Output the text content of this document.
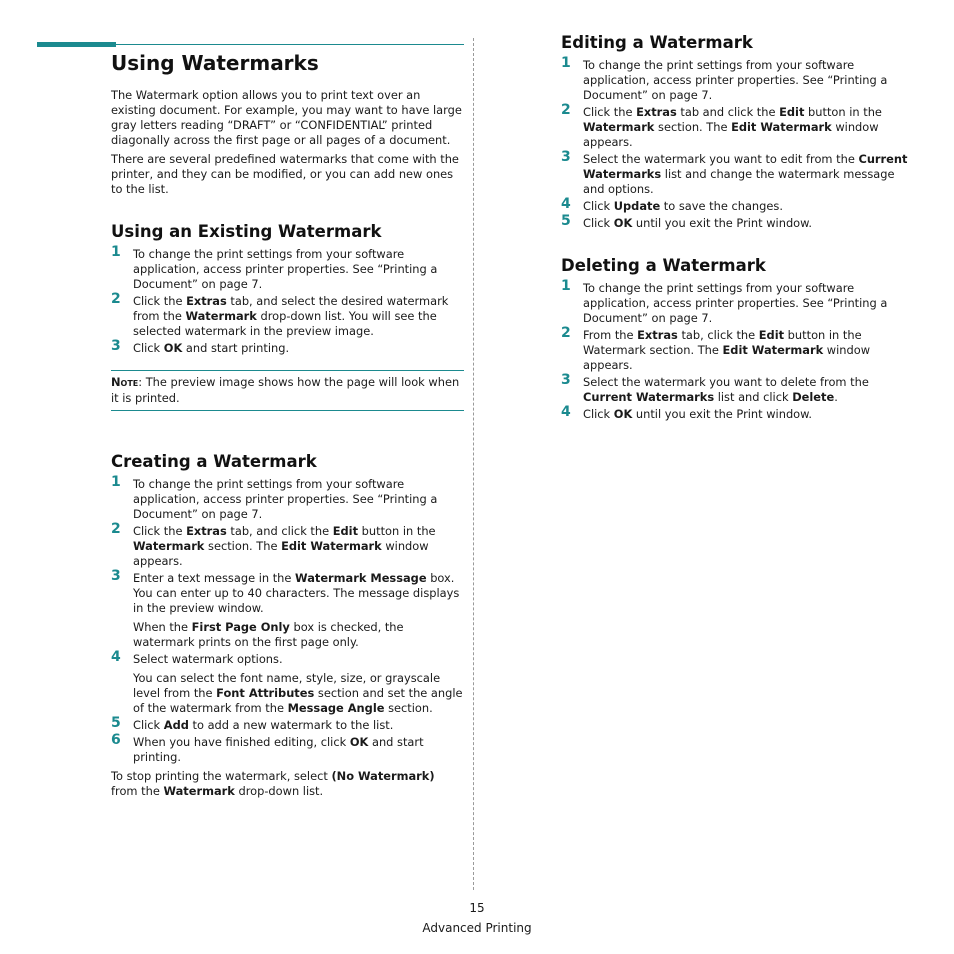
Using Watermarks

The Watermark option allows you to print text over an existing document. For example, you may want to have large gray letters reading “DRAFT” or “CONFIDENTIAL” printed diagonally across the first page or all pages of a document.

There are several predefined watermarks that come with the printer, and they can be modified, or you can add new ones to the list.

Using an Existing Watermark
1 To change the print settings from your software application, access printer properties. See “Printing a Document” on page 7.
2 Click the Extras tab, and select the desired watermark from the Watermark drop-down list. You will see the selected watermark in the preview image.
3 Click OK and start printing.
Note: The preview image shows how the page will look when it is printed.
Creating a Watermark
1 To change the print settings from your software application, access printer properties. See “Printing a Document” on page 7.
2 Click the Extras tab, and click the Edit button in the Watermark section. The Edit Watermark window appears.
3 Enter a text message in the Watermark Message box. You can enter up to 40 characters. The message displays in the preview window.
When the First Page Only box is checked, the watermark prints on the first page only.
4 Select watermark options.
You can select the font name, style, size, or grayscale level from the Font Attributes section and set the angle of the watermark from the Message Angle section.
5 Click Add to add a new watermark to the list.
6 When you have finished editing, click OK and start printing.

To stop printing the watermark, select (No Watermark) from the Watermark drop-down list.

Editing a Watermark
1 To change the print settings from your software application, access printer properties. See “Printing a Document” on page 7.
2 Click the Extras tab and click the Edit button in the Watermark section. The Edit Watermark window appears.
3 Select the watermark you want to edit from the Current Watermarks list and change the watermark message and options.
4 Click Update to save the changes.
5 Click OK until you exit the Print window.
Deleting a Watermark
1 To change the print settings from your software application, access printer properties. See “Printing a Document” on page 7.
2 From the Extras tab, click the Edit button in the Watermark section. The Edit Watermark window appears.
3 Select the watermark you want to delete from the Current Watermarks list and click Delete.
4 Click OK until you exit the Print window.
15
Advanced Printing
